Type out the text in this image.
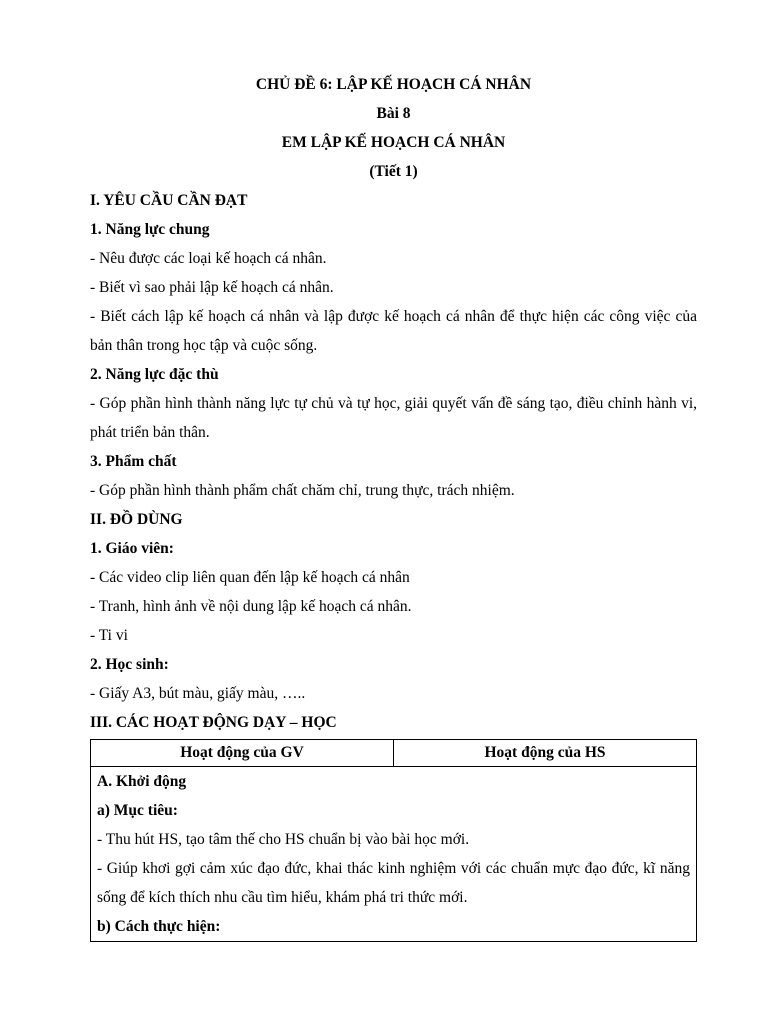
CHỦ ĐỀ 6: LẬP KẾ HOẠCH CÁ NHÂN
Bài 8
EM LẬP KẾ HOẠCH CÁ NHÂN
(Tiết 1)
I. YÊU CẦU CẦN ĐẠT
1. Năng lực chung
- Nêu được các loại kế hoạch cá nhân.
- Biết vì sao phải lập kế hoạch cá nhân.
- Biết cách lập kế hoạch cá nhân và lập được kế hoạch cá nhân để thực hiện các công việc của bản thân trong học tập và cuộc sống.
2. Năng lực đặc thù
- Góp phần hình thành năng lực tự chủ và tự học, giải quyết vấn đề sáng tạo, điều chỉnh hành vi, phát triển bản thân.
3. Phẩm chất
- Góp phần hình thành phẩm chất chăm chỉ, trung thực, trách nhiệm.
II. ĐỒ DÙNG
1. Giáo viên:
- Các video clip liên quan đến lập kế hoạch cá nhân
- Tranh, hình ảnh về nội dung lập kế hoạch cá nhân.
- Ti vi
2. Học sinh:
- Giấy A3, bút màu, giấy màu, …..
III. CÁC HOẠT ĐỘNG DẠY – HỌC
Hoạt động của GV	Hoạt động của HS

A. Khởi động
a) Mục tiêu:
- Thu hút HS, tạo tâm thế cho HS chuẩn bị vào bài học mới.
- Giúp khơi gợi cảm xúc đạo đức, khai thác kinh nghiệm với các chuẩn mực đạo đức, kĩ năng sống để kích thích nhu cầu tìm hiểu, khám phá tri thức mới.
b) Cách thực hiện:
